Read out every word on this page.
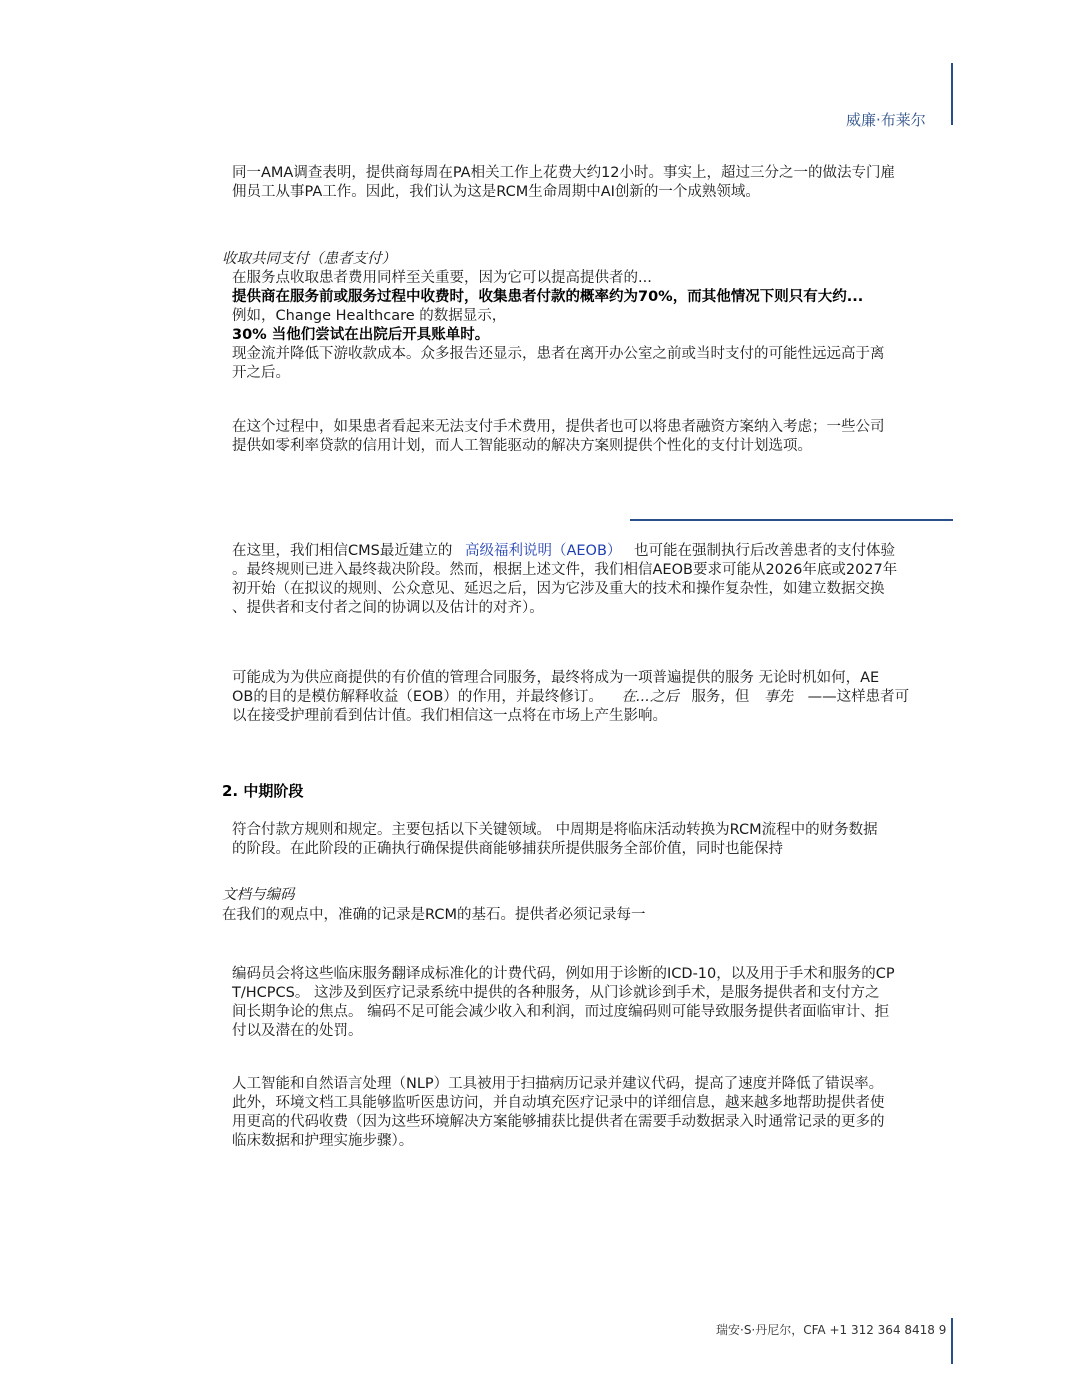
威廉·布莱尔

同一AMA调查表明，提供商每周在PA相关工作上花费大约12小时。事实上，超过三分之一的做法专门雇

佣员工从事PA工作。因此，我们认为这是RCM生命周期中AI创新的一个成熟领域。

收取共同支付（患者支付）

在服务点收取患者费用同样至关重要，因为它可以提高提供者的...

提供商在服务前或服务过程中收费时，收集患者付款的概率约为70%，而其他情况下则只有大约...

例如，Change Healthcare 的数据显示，

30% 当他们尝试在出院后开具账单时。

现金流并降低下游收款成本。众多报告还显示，患者在离开办公室之前或当时支付的可能性远远高于离

开之后。

在这个过程中，如果患者看起来无法支付手术费用，提供者也可以将患者融资方案纳入考虑；一些公司

提供如零利率贷款的信用计划，而人工智能驱动的解决方案则提供个性化的支付计划选项。

在这里，我们相信CMS最近建立的 高级福利说明（AEOB） 也可能在强制执行后改善患者的支付体验

。最终规则已进入最终裁决阶段。然而，根据上述文件，我们相信AEOB要求可能从2026年底或2027年

初开始（在拟议的规则、公众意见、延迟之后，因为它涉及重大的技术和操作复杂性，如建立数据交换

、提供者和支付者之间的协调以及估计的对齐）。

可能成为为供应商提供的有价值的管理合同服务，最终将成为一项普遍提供的服务 无论时机如何，AE

OB的目的是模仿解释收益（EOB）的作用，并最终修订。 在...之后 服务，但 事先 ——这样患者可

以在接受护理前看到估计值。我们相信这一点将在市场上产生影响。

2. 中期阶段

符合付款方规则和规定。主要包括以下关键领域。 中周期是将临床活动转换为RCM流程中的财务数据

的阶段。在此阶段的正确执行确保提供商能够捕获所提供服务全部价值，同时也能保持

文档与编码
在我们的观点中，准确的记录是RCM的基石。提供者必须记录每一

编码员会将这些临床服务翻译成标准化的计费代码，例如用于诊断的ICD-10，以及用于手术和服务的CP

T/HCPCS。 这涉及到医疗记录系统中提供的各种服务，从门诊就诊到手术，是服务提供者和支付方之

间长期争论的焦点。 编码不足可能会减少收入和利润，而过度编码则可能导致服务提供者面临审计、拒

付以及潜在的处罚。

人工智能和自然语言处理（NLP）工具被用于扫描病历记录并建议代码，提高了速度并降低了错误率。

此外，环境文档工具能够监听医患访问，并自动填充医疗记录中的详细信息，越来越多地帮助提供者使

用更高的代码收费（因为这些环境解决方案能够捕获比提供者在需要手动数据录入时通常记录的更多的

临床数据和护理实施步骤）。

瑞安·S·丹尼尔，CFA +1 312 364 8418 9
